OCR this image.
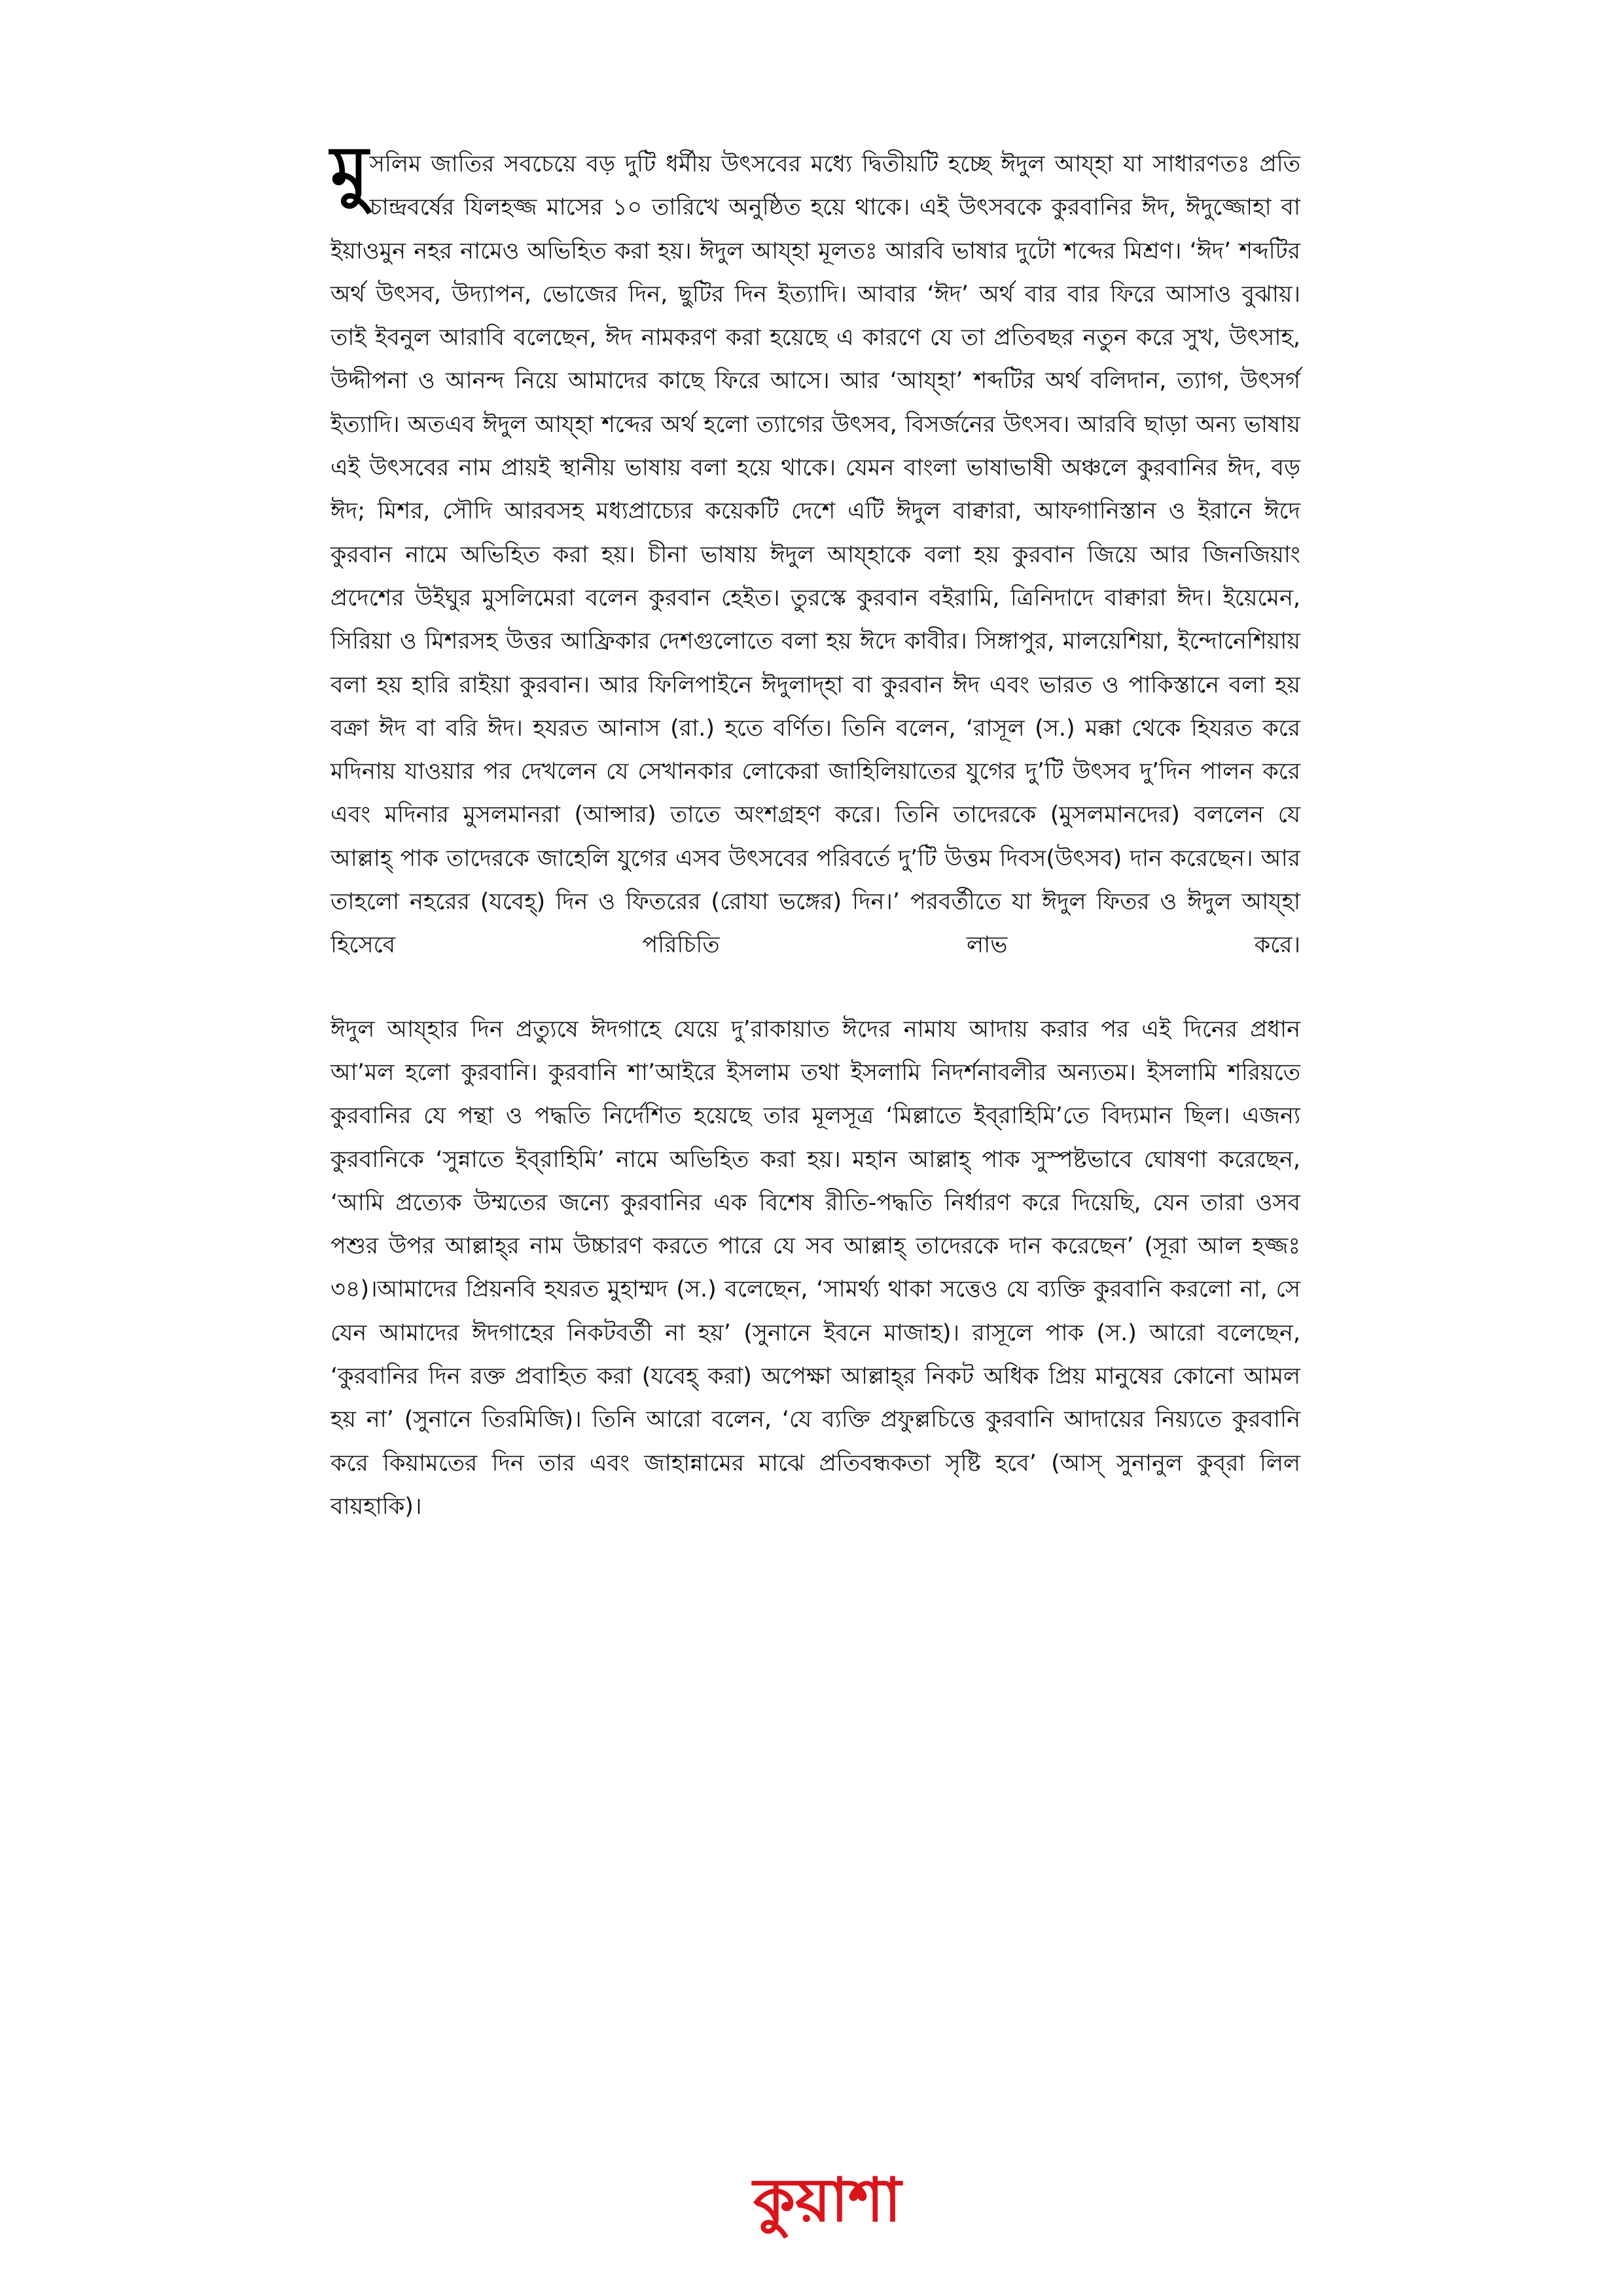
মুসলিম জাতির সবচেয়ে বড় দুটি ধর্মীয় উৎসবের মধ্যে দ্বিতীয়টি হচ্ছে ঈদুল আয্হা যা সাধারণতঃ প্রতি চান্দ্রবর্ষের যিলহজ্জ মাসের ১০ তারিখে অনুষ্ঠিত হয়ে থাকে। এই উৎসবকে কুরবানির ঈদ, ঈদুজ্জোহা বা ইয়াওমুন নহর নামেও অভিহিত করা হয়। ঈদুল আয্হা মূলতঃ আরবি ভাষার দুটো শব্দের মিশ্রণ। ‘ঈদ’ শব্দটির অর্থ উৎসব, উদ্যাপন, ভোজের দিন, ছুটির দিন ইত্যাদি। আবার ‘ঈদ’ অর্থ বার বার ফিরে আসাও বুঝায়। তাই ইবনুল আরাবি বলেছেন, ঈদ নামকরণ করা হয়েছে এ কারণে যে তা প্রতিবছর নতুন করে সুখ, উৎসাহ, উদ্দীপনা ও আনন্দ নিয়ে আমাদের কাছে ফিরে আসে। আর ‘আয্হা’ শব্দটির অর্থ বলিদান, ত্যাগ, উৎসর্গ ইত্যাদি। অতএব ঈদুল আয্হা শব্দের অর্থ হলো ত্যাগের উৎসব, বিসর্জনের উৎসব। আরবি ছাড়া অন্য ভাষায় এই উৎসবের নাম প্রায়ই স্থানীয় ভাষায় বলা হয়ে থাকে। যেমন বাংলা ভাষাভাষী অঞ্চলে কুরবানির ঈদ, বড় ঈদ; মিশর, সৌদি আরবসহ মধ্যপ্রাচ্যের কয়েকটি দেশে এটি ঈদুল বাক্বারা, আফগানিস্তান ও ইরানে ঈদে কুরবান নামে অভিহিত করা হয়। চীনা ভাষায় ঈদুল আয্হাকে বলা হয় কুরবান জিয়ে আর জিনজিয়াং প্রদেশের উইঘুর মুসলিমেরা বলেন কুরবান হেইত। তুরস্কে কুরবান বইরামি, ত্রিনিদাদে বাক্বারা ঈদ। ইয়েমেন, সিরিয়া ও মিশরসহ উত্তর আফ্রিকার দেশগুলোতে বলা হয় ঈদে কাবীর। সিঙ্গাপুর, মালয়েশিয়া, ইন্দোনেশিয়ায় বলা হয় হারি রাইয়া কুরবান। আর ফিলিপাইনে ঈদুলাদ্হা বা কুরবান ঈদ এবং ভারত ও পাকিস্তানে বলা হয় বক্রা ঈদ বা বরি ঈদ। হযরত আনাস (রা.) হতে বর্ণিত। তিনি বলেন, ‘রাসূল (স.) মক্কা থেকে হিযরত করে মদিনায় যাওয়ার পর দেখলেন যে সেখানকার লোকেরা জাহিলিয়াতের যুগের দু’টি উৎসব দু’দিন পালন করে এবং মদিনার মুসলমানরা (আন্সার) তাতে অংশগ্রহণ করে। তিনি তাদেরকে (মুসলমানদের) বললেন যে আল্লাহ্ পাক তাদেরকে জাহেলি যুগের এসব উৎসবের পরিবর্তে দু’টি উত্তম দিবস(উৎসব) দান করেছেন। আর তাহলো নহরের (যবেহ্) দিন ও ফিতরের (রোযা ভঙ্গের) দিন।’ পরবর্তীতে যা ঈদুল ফিতর ও ঈদুল আয্হা হিসেবে পরিচিতি লাভ করে।

ঈদুল আয্হার দিন প্রত্যুষে ঈদগাহে যেয়ে দু’রাকায়াত ঈদের নামায আদায় করার পর এই দিনের প্রধান আ’মল হলো কুরবানি। কুরবানি শা’আইরে ইসলাম তথা ইসলামি নিদর্শনাবলীর অন্যতম। ইসলামি শরিয়তে কুরবানির যে পন্থা ও পদ্ধতি নির্দেশিত হয়েছে তার মূলসূত্র ‘মিল্লাতে ইব্‌রাহিমি’তে বিদ্যমান ছিল। এজন্য কুরবানিকে ‘সুন্নাতে ইব্‌রাহিমি’ নামে অভিহিত করা হয়। মহান আল্লাহ্ পাক সুস্পষ্টভাবে ঘোষণা করেছেন, ‘আমি প্রত্যেক উম্মতের জন্যে কুরবানির এক বিশেষ রীতি-পদ্ধতি নির্ধারণ করে দিয়েছি, যেন তারা ওসব পশুর উপর আল্লাহ্‌র নাম উচ্চারণ করতে পারে যে সব আল্লাহ্ তাদেরকে দান করেছেন’ (সূরা আল হজ্জঃ ৩৪)।আমাদের প্রিয়নবি হযরত মুহাম্মদ (স.) বলেছেন, ‘সামর্থ্য থাকা সত্তেও যে ব্যক্তি কুরবানি করলো না, সে যেন আমাদের ঈদগাহের নিকটবর্তী না হয়’ (সুনানে ইবনে মাজাহ)। রাসূলে পাক (স.) আরো বলেছেন, ‘কুরবানির দিন রক্ত প্রবাহিত করা (যবেহ্ করা) অপেক্ষা আল্লাহ্‌র নিকট অধিক প্রিয় মানুষের কোনো আমল হয় না’ (সুনানে তিরমিজি)। তিনি আরো বলেন, ‘যে ব্যক্তি প্রফুল্লচিত্তে কুরবানি আদায়ের নিয়্যতে কুরবানি করে কিয়ামতের দিন তার এবং জাহান্নামের মাঝে প্রতিবন্ধকতা সৃষ্টি হবে’ (আস্ সুনানুল কুব্‌রা লিল বায়হাকি)।

কুয়াশা
